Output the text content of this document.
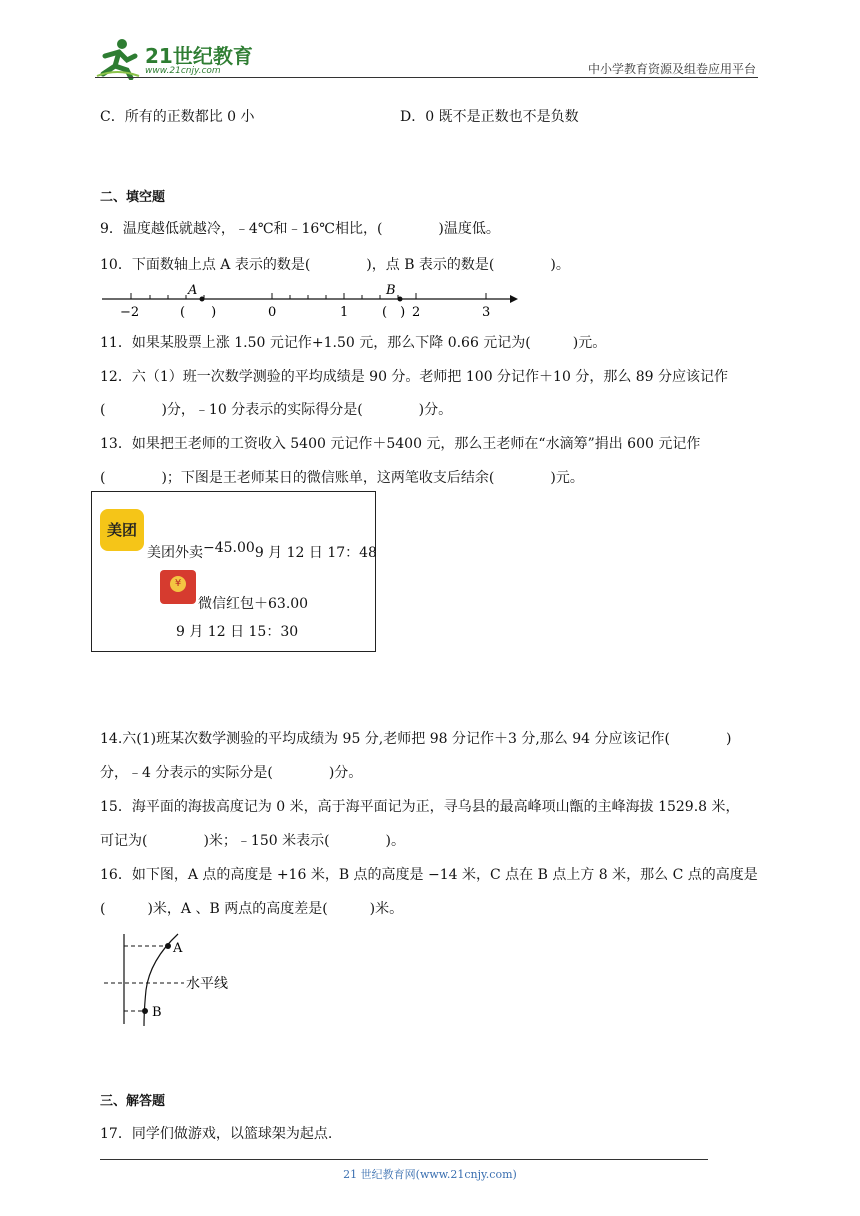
21世纪教育
www.21cnjy.com	中小学教育资源及组卷应用平台
C．所有的正数都比 0 小	D．0 既不是正数也不是负数
二、填空题
9．温度越低就越冷，﹣4℃和﹣16℃相比，(　　　　)温度低。
10．下面数轴上点 A 表示的数是(　　　　)，点 B 表示的数是(　　　　)。
A	B
−2	(　　)	0	1	(　) 2	3
11．如果某股票上涨 1.50 元记作+1.50 元，那么下降 0.66 元记为(　　　)元。
12．六（1）班一次数学测验的平均成绩是 90 分。老师把 100 分记作＋10 分，那么 89 分应该记作
(　　　　)分，﹣10 分表示的实际得分是(　　　　)分。
13．如果把王老师的工资收入 5400 元记作＋5400 元，那么王老师在“水滴筹”捐出 600 元记作
(　　　　)；下图是王老师某日的微信账单，这两笔收支后结余(　　　　)元。
美团
美团外卖−45.009 月 12 日 17：48
¥
微信红包＋63.00
9 月 12 日 15：30
14.六(1)班某次数学测验的平均成绩为 95 分,老师把 98 分记作＋3 分,那么 94 分应该记作(　　　　)
分，﹣4 分表示的实际分是(　　　　)分。
15．海平面的海拔高度记为 0 米，高于海平面记为正，寻乌县的最高峰项山甑的主峰海拔 1529.8 米，
可记为(　　　　)米；﹣150 米表示(　　　　)。
16．如下图，A 点的高度是 +16 米，B 点的高度是 −14 米，C 点在 B 点上方 8 米，那么 C 点的高度是
(　　　)米，A 、B 两点的高度差是(　　　)米。
A
B
水平线
三、解答题
17．同学们做游戏，以篮球架为起点.
21 世纪教育网(www.21cnjy.com)
